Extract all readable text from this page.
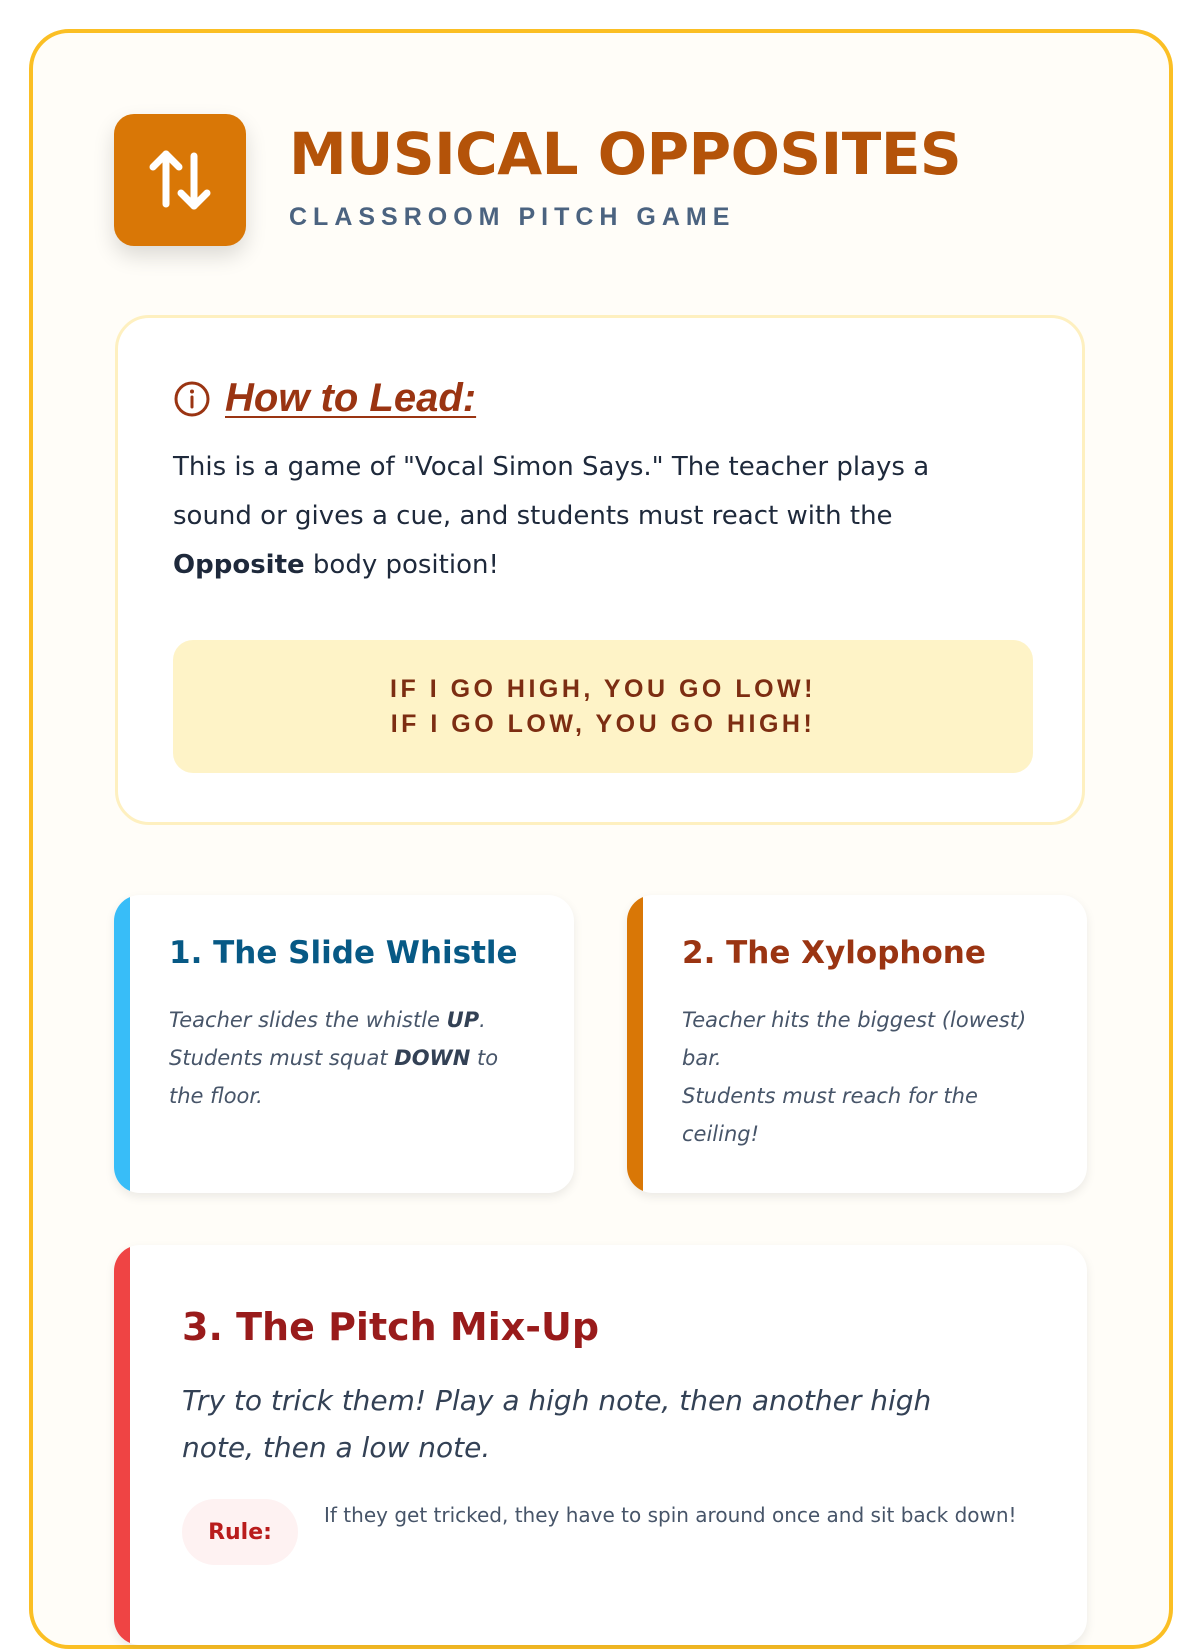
MUSICAL OPPOSITES
CLASSROOM PITCH GAME
How to Lead:

This is a game of "Vocal Simon Says." The teacher plays a sound or gives a cue, and students must react with the Opposite body position!

IF I GO HIGH, YOU GO LOW!
IF I GO LOW, YOU GO HIGH!
1. The Slide Whistle

Teacher slides the whistle UP.
Students must squat DOWN to the floor.

2. The Xylophone

Teacher hits the biggest (lowest) bar.
Students must reach for the ceiling!

3. The Pitch Mix-Up

Try to trick them! Play a high note, then another high note, then a low note.

Rule:
If they get tricked, they have to spin around once and sit back down!
